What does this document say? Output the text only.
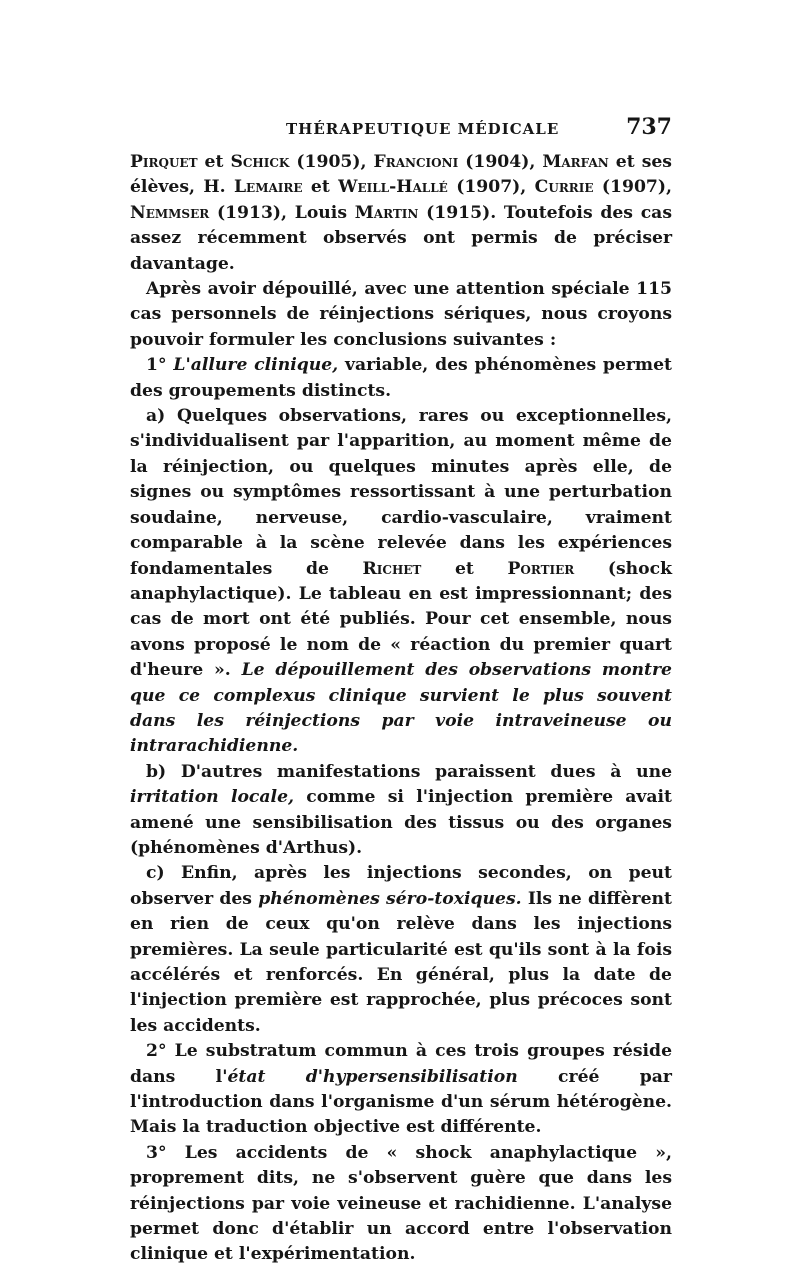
THÉRAPEUTIQUE MÉDICALE	737

Pirquet et Schick (1905), Francioni (1904), Marfan et ses élèves, H. Lemaire et Weill-Hallé (1907), Currie (1907), Nemmser (1913), Louis Martin (1915). Toutefois des cas assez récemment observés ont permis de préciser davantage.

Après avoir dépouillé, avec une attention spéciale 115 cas personnels de réinjections sériques, nous croyons pouvoir formuler les conclusions suivantes :

1° L'allure clinique, variable, des phénomènes permet des groupements distincts.

a) Quelques observations, rares ou exceptionnelles, s'individualisent par l'apparition, au moment même de la réinjection, ou quelques minutes après elle, de signes ou symptômes ressortissant à une perturbation soudaine, nerveuse, cardio-vasculaire, vraiment comparable à la scène relevée dans les expériences fondamentales de Richet et Portier (shock anaphylactique). Le tableau en est impressionnant; des cas de mort ont été publiés. Pour cet ensemble, nous avons proposé le nom de « réaction du premier quart d'heure ». Le dépouillement des observations montre que ce complexus clinique survient le plus souvent dans les réinjections par voie intraveineuse ou intrarachidienne.

b) D'autres manifestations paraissent dues à une irritation locale, comme si l'injection première avait amené une sensibilisation des tissus ou des organes (phénomènes d'Arthus).

c) Enfin, après les injections secondes, on peut observer des phénomènes séro-toxiques. Ils ne diffèrent en rien de ceux qu'on relève dans les injections premières. La seule particularité est qu'ils sont à la fois accélérés et renforcés. En général, plus la date de l'injection première est rapprochée, plus précoces sont les accidents.

2° Le substratum commun à ces trois groupes réside dans l'état d'hypersensibilisation créé par l'introduction dans l'organisme d'un sérum hétérogène. Mais la traduction objective est différente.

3° Les accidents de « shock anaphylactique », proprement dits, ne s'observent guère que dans les réinjections par voie veineuse et rachidienne. L'analyse permet donc d'établir un accord entre l'observation clinique et l'expérimentation.
